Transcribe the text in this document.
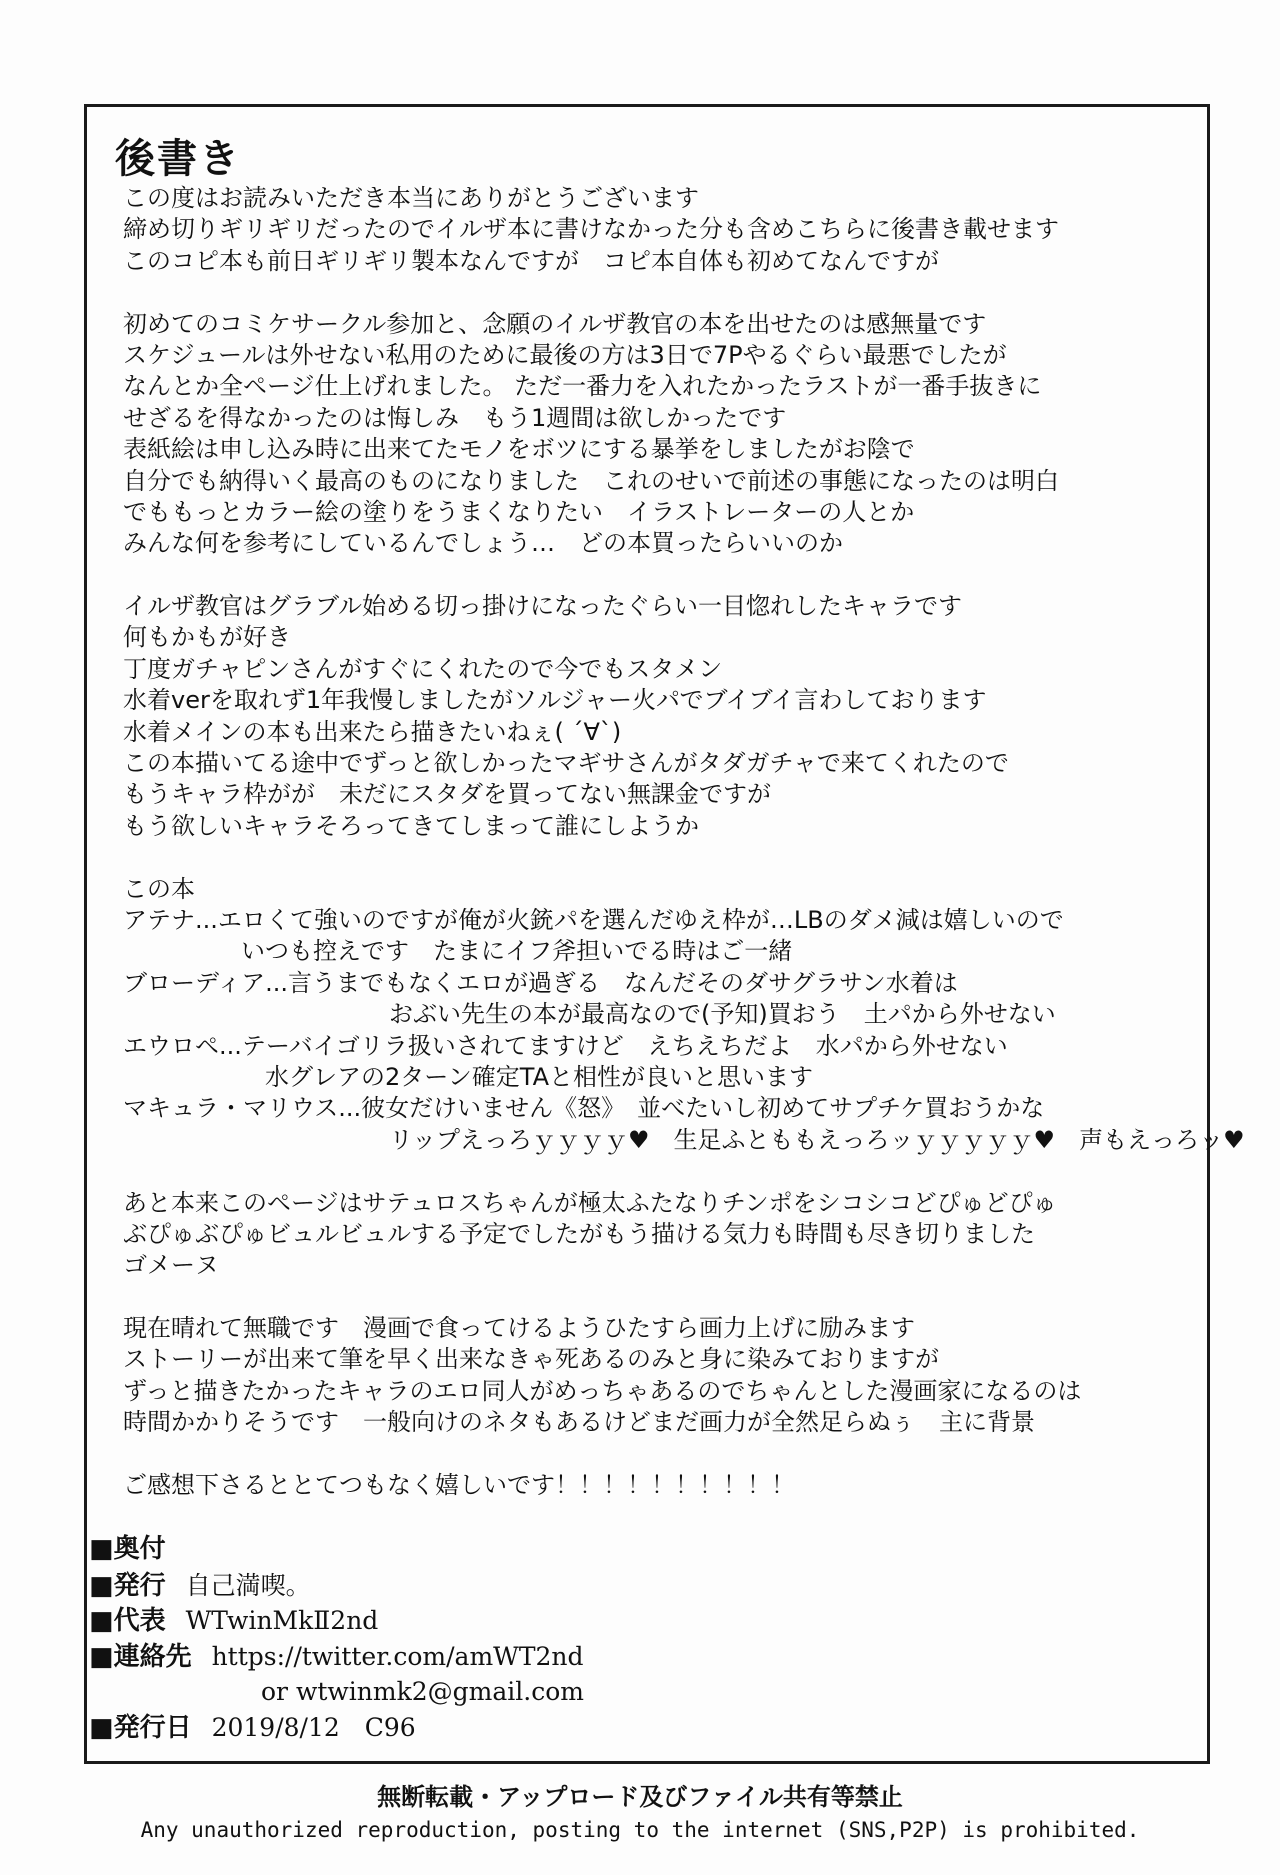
後書き
この度はお読みいただき本当にありがとうございます
締め切りギリギリだったのでイルザ本に書けなかった分も含めこちらに後書き載せます
このコピ本も前日ギリギリ製本なんですが　コピ本自体も初めてなんですが
初めてのコミケサークル参加と、念願のイルザ教官の本を出せたのは感無量です
スケジュールは外せない私用のために最後の方は3日で7Pやるぐらい最悪でしたが
なんとか全ページ仕上げれました。 ただ一番力を入れたかったラストが一番手抜きに
せざるを得なかったのは悔しみ　もう1週間は欲しかったです
表紙絵は申し込み時に出来てたモノをボツにする暴挙をしましたがお陰で
自分でも納得いく最高のものになりました　これのせいで前述の事態になったのは明白
でももっとカラー絵の塗りをうまくなりたい　イラストレーターの人とか
みんな何を参考にしているんでしょう…　どの本買ったらいいのか
イルザ教官はグラブル始める切っ掛けになったぐらい一目惚れしたキャラです
何もかもが好き
丁度ガチャピンさんがすぐにくれたので今でもスタメン
水着verを取れず1年我慢しましたがソルジャー火パでブイブイ言わしております
水着メインの本も出来たら描きたいねぇ( ´∀`)
この本描いてる途中でずっと欲しかったマギサさんがタダガチャで来てくれたので
もうキャラ枠がが　未だにスタダを買ってない無課金ですが
もう欲しいキャラそろってきてしまって誰にしようか
この本
アテナ...エロくて強いのですが俺が火銃パを選んだゆえ枠が…LBのダメ減は嬉しいので
いつも控えです　たまにイフ斧担いでる時はご一緒
ブローディア...言うまでもなくエロが過ぎる　なんだそのダサグラサン水着は
おぶい先生の本が最高なので(予知)買おう　土パから外せない
エウロペ...テーバイゴリラ扱いされてますけど　えちえちだよ　水パから外せない
水グレアの2ターン確定TAと相性が良いと思います
マキュラ・マリウス...彼女だけいません《怒》　並べたいし初めてサプチケ買おうかな
リップえっろｙｙｙｙ♥　生足ふとももえっろッｙｙｙｙｙ♥　声もえっろッ♥
あと本来このページはサテュロスちゃんが極太ふたなりチンポをシコシコどぴゅどぴゅ
ぶぴゅぶぴゅビュルビュルする予定でしたがもう描ける気力も時間も尽き切りました
ゴメーヌ
現在晴れて無職です　漫画で食ってけるようひたすら画力上げに励みます
ストーリーが出来て筆を早く出来なきゃ死あるのみと身に染みておりますが
ずっと描きたかったキャラのエロ同人がめっちゃあるのでちゃんとした漫画家になるのは
時間かかりそうです　一般向けのネタもあるけどまだ画力が全然足らぬぅ　主に背景
ご感想下さるととてつもなく嬉しいです！！！！！！！！！！
■奥付
■発行 自己満喫。
■代表 WTwinMkⅡ2nd
■連絡先 https://twitter.com/amWT2nd
or wtwinmk2@gmail.com
■発行日 2019/8/12　C96
無断転載・アップロード及びファイル共有等禁止
Any unauthorized reproduction, posting to the internet (SNS,P2P) is prohibited.
